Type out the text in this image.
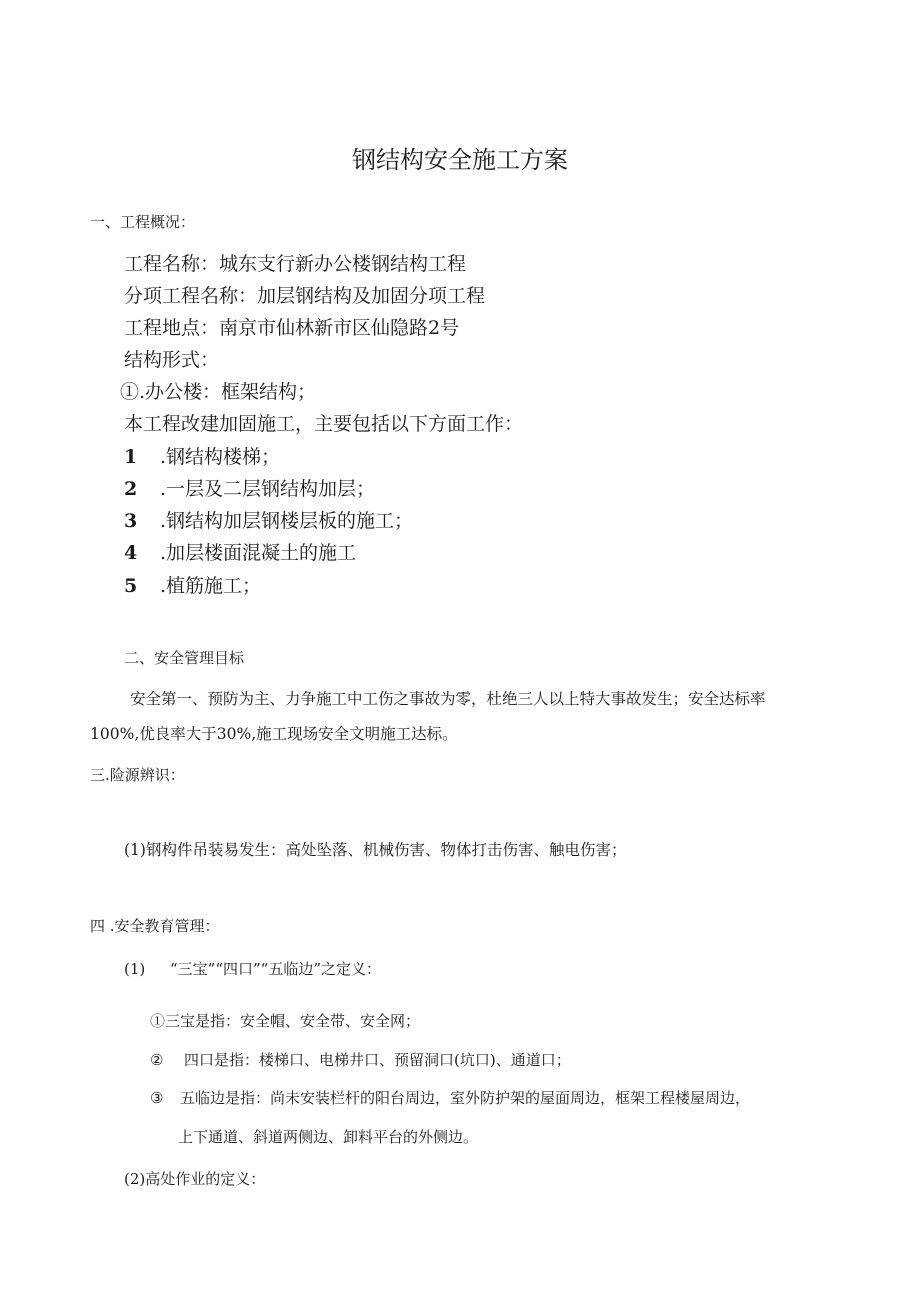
钢结构安全施工方案
一、工程概况：
工程名称：城东支行新办公楼钢结构工程
分项工程名称：加层钢结构及加固分项工程
工程地点：南京市仙林新市区仙隐路2号
结构形式：
①.办公楼：框架结构；
本工程改建加固施工，主要包括以下方面工作：
1 .钢结构楼梯；
2 .一层及二层钢结构加层；
3 .钢结构加层钢楼层板的施工；
4 .加层楼面混凝土的施工
5 .植筋施工；
二、安全管理目标
安全第一、预防为主、力争施工中工伤之事故为零，杜绝三人以上特大事故发生；安全达标率
100%,优良率大于30%,施工现场安全文明施工达标。
三.险源辨识：
(1)钢构件吊装易发生：高处坠落、机械伤害、物体打击伤害、触电伤害；
四 .安全教育管理：
(1) “三宝”“四口”“五临边”之定义：
①三宝是指：安全帽、安全带、安全网；
② 四口是指：楼梯口、电梯井口、预留洞口(坑口)、通道口；
③ 五临边是指：尚未安装栏杆的阳台周边，室外防护架的屋面周边，框架工程楼屋周边，
上下通道、斜道两侧边、卸料平台的外侧边。
(2)高处作业的定义：
